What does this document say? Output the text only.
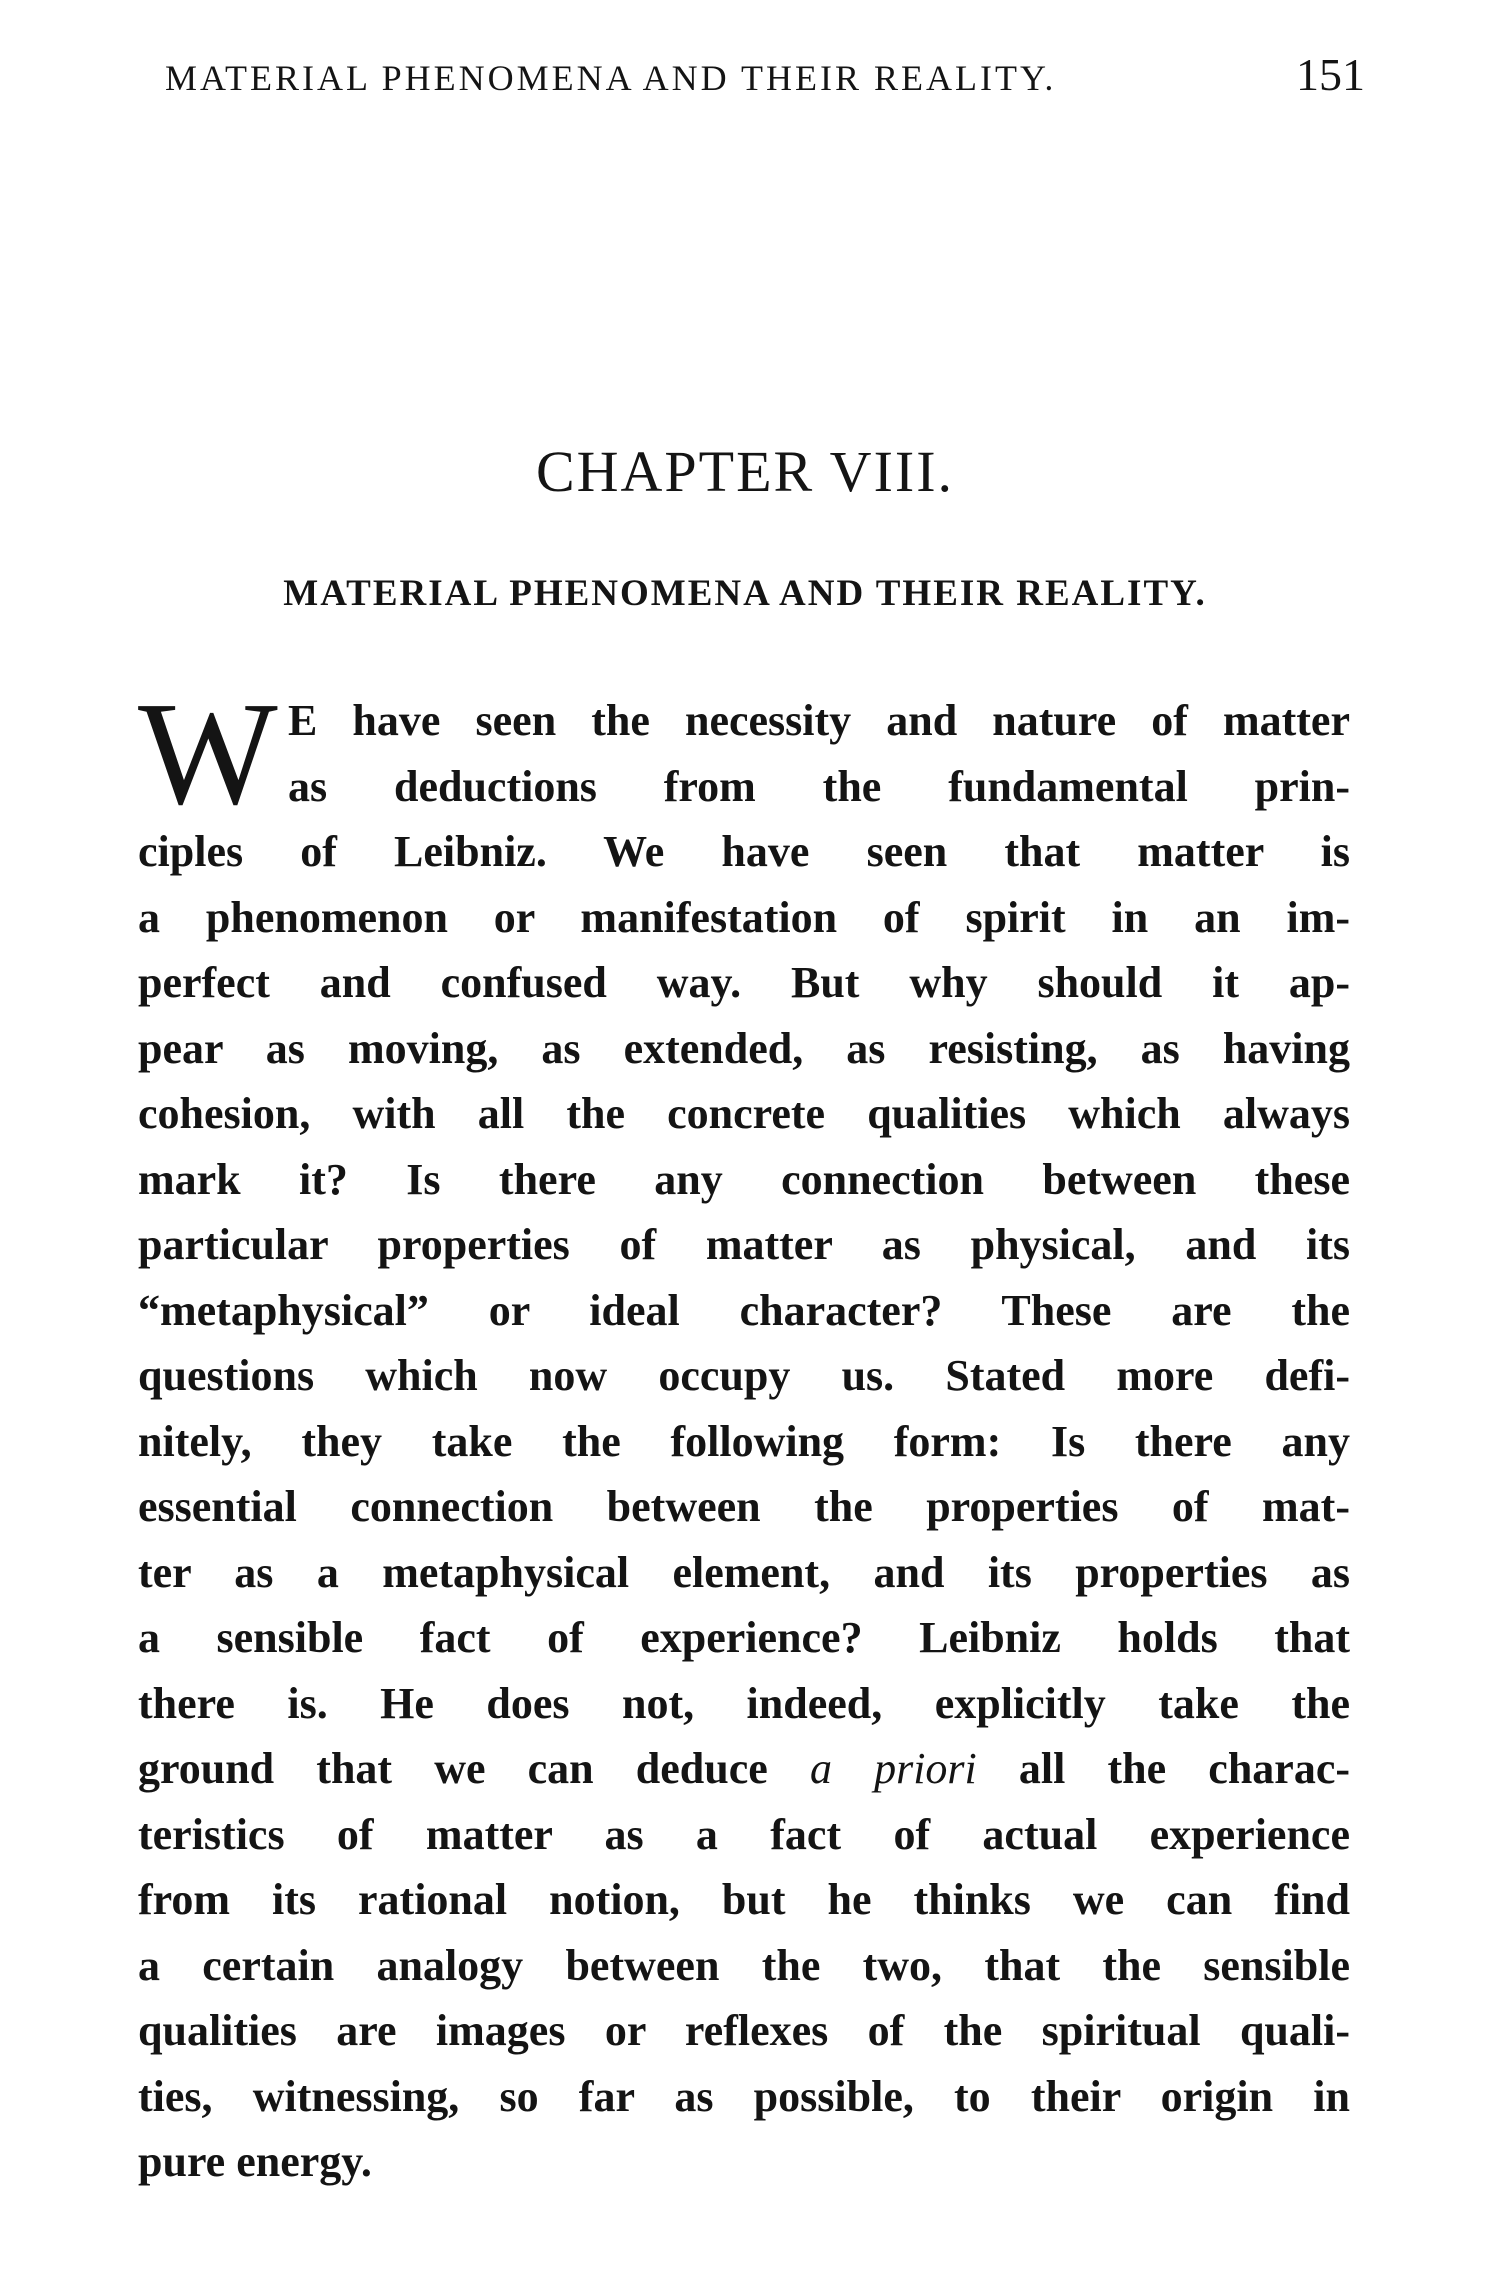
MATERIAL PHENOMENA AND THEIR REALITY.	151
CHAPTER VIII.
MATERIAL PHENOMENA AND THEIR REALITY.
W E have seen the necessity and nature of matter
as deductions from the fundamental prin-
ciples of Leibniz. We have seen that matter is
a phenomenon or manifestation of spirit in an im-
perfect and confused way. But why should it ap-
pear as moving, as extended, as resisting, as having
cohesion, with all the concrete qualities which always
mark it? Is there any connection between these
particular properties of matter as physical, and its
“metaphysical” or ideal character? These are the
questions which now occupy us. Stated more defi-
nitely, they take the following form: Is there any
essential connection between the properties of mat-
ter as a metaphysical element, and its properties as
a sensible fact of experience? Leibniz holds that
there is. He does not, indeed, explicitly take the
ground that we can deduce a priori all the charac-
teristics of matter as a fact of actual experience
from its rational notion, but he thinks we can find
a certain analogy between the two, that the sensible
qualities are images or reflexes of the spiritual quali-
ties, witnessing, so far as possible, to their origin in
pure energy.
